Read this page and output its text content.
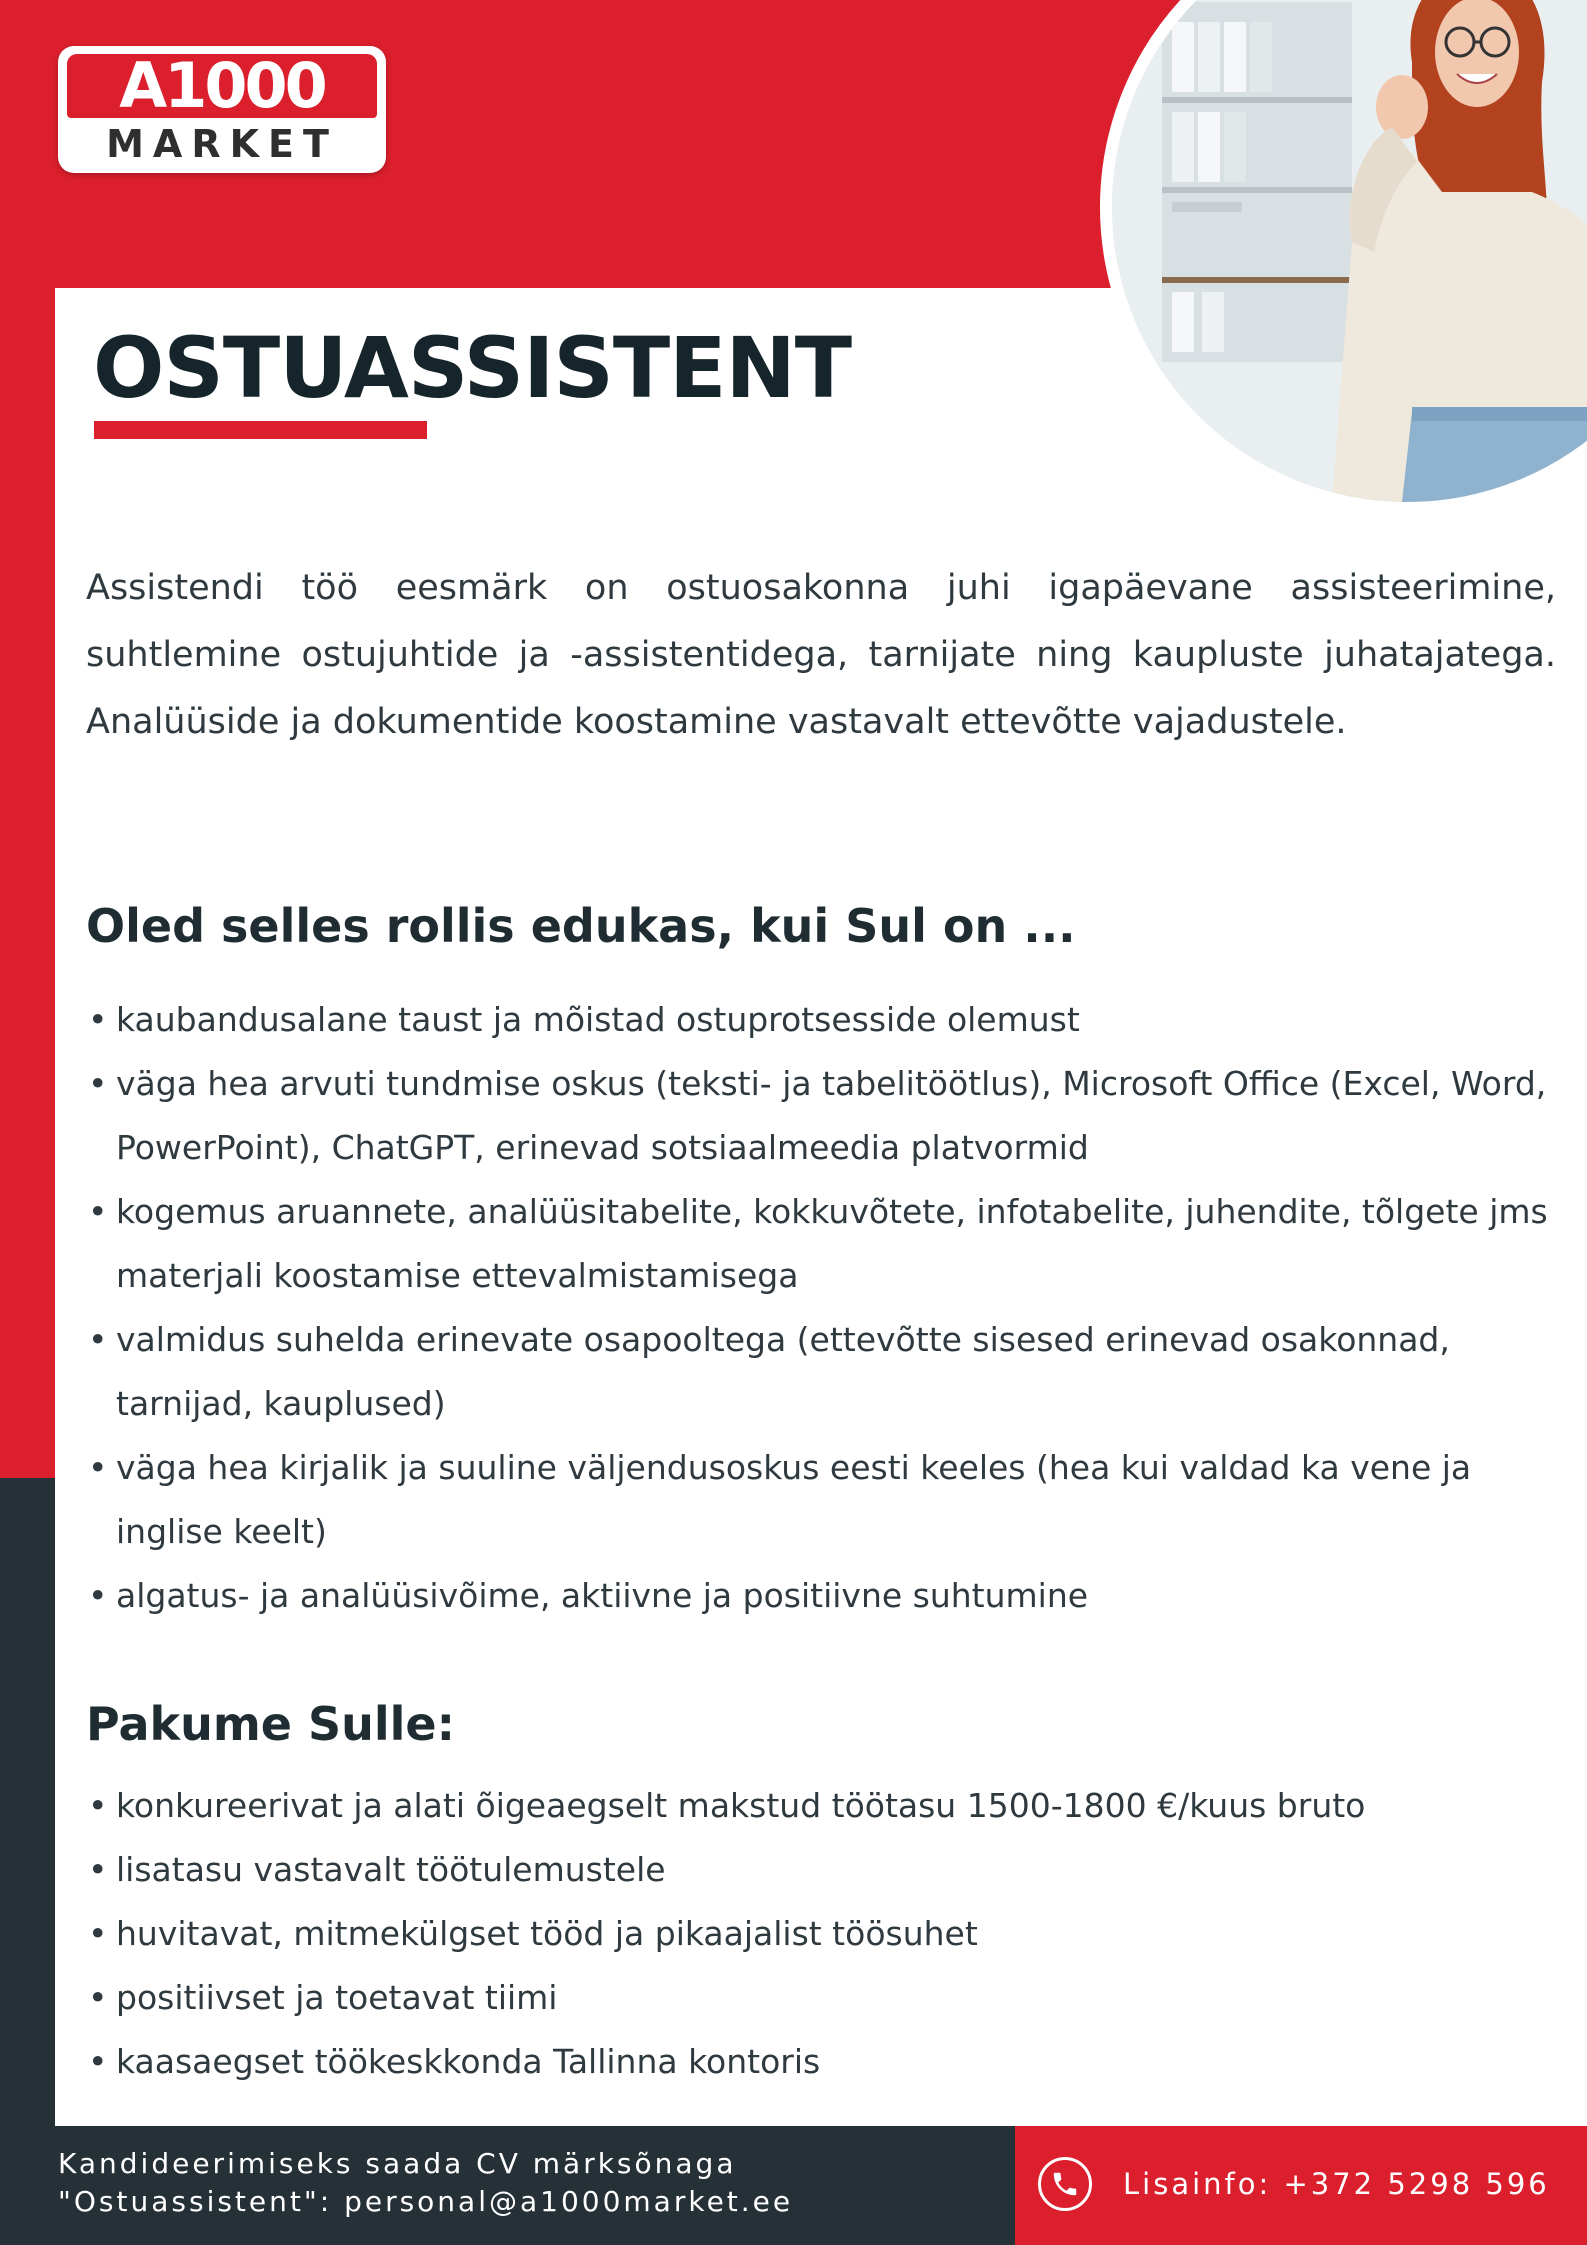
A1000
MARKET
OSTUASSISTENT

Assistendi töö eesmärk on ostuosakonna juhi igapäevane assisteerimine, suhtlemine ostujuhtide ja -assistentidega, tarnijate ning kaupluste juhatajatega. Analüüside ja dokumentide koostamine vastavalt ettevõtte vajadustele.

Oled selles rollis edukas, kui Sul on ...
• kaubandusalane taust ja mõistad ostuprotsesside olemust
• väga hea arvuti tundmise oskus (teksti- ja tabelitöötlus), Microsoft Office (Excel, Word, PowerPoint), ChatGPT, erinevad sotsiaalmeedia platvormid
• kogemus aruannete, analüüsitabelite, kokkuvõtete, infotabelite, juhendite, tõlgete jms materjali koostamise ettevalmistamisega
• valmidus suhelda erinevate osapooltega (ettevõtte sisesed erinevad osakonnad, tarnijad, kauplused)
• väga hea kirjalik ja suuline väljendusoskus eesti keeles (hea kui valdad ka vene ja inglise keelt)
• algatus- ja analüüsivõime, aktiivne ja positiivne suhtumine
Pakume Sulle:
• konkureerivat ja alati õigeaegselt makstud töötasu 1500-1800 €/kuus bruto
• lisatasu vastavalt töötulemustele
• huvitavat, mitmekülgset tööd ja pikaajalist töösuhet
• positiivset ja toetavat tiimi
• kaasaegset töökeskkonda Tallinna kontoris
Kandideerimiseks saada CV märksõnaga
"Ostuassistent": personal@a1000market.ee
Lisainfo: +372 5298 596
